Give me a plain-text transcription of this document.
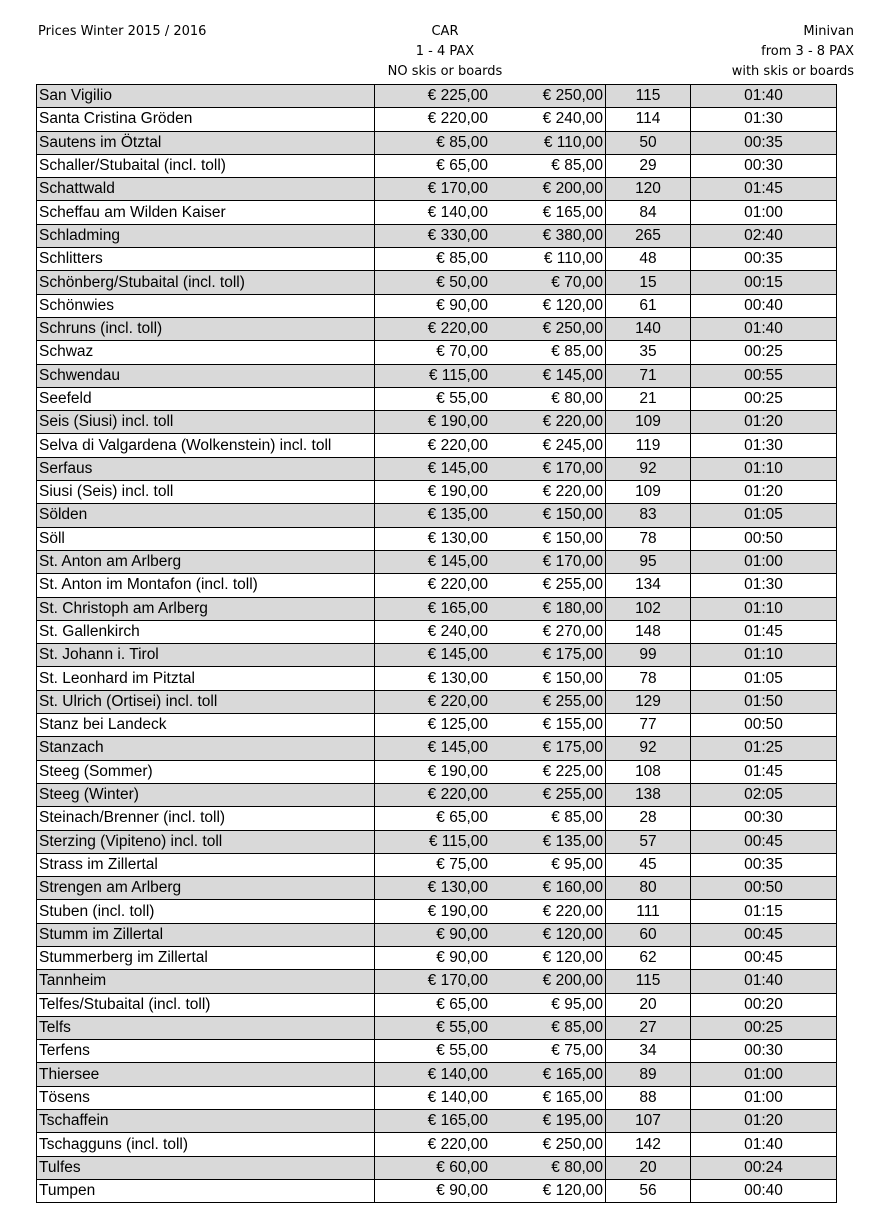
Prices Winter 2015 / 2016	CAR
1 - 4 PAX
NO skis or boards
Minivan
from 3 - 8 PAX
with skis or boards
San Vigilio	€ 225,00	€ 250,00	115	01:40
Santa Cristina Gröden	€ 220,00	€ 240,00	114	01:30
Sautens im Ötztal	€ 85,00	€ 110,00	50	00:35
Schaller/Stubaital (incl. toll)	€ 65,00	€ 85,00	29	00:30
Schattwald	€ 170,00	€ 200,00	120	01:45
Scheffau am Wilden Kaiser	€ 140,00	€ 165,00	84	01:00
Schladming	€ 330,00	€ 380,00	265	02:40
Schlitters	€ 85,00	€ 110,00	48	00:35
Schönberg/Stubaital (incl. toll)	€ 50,00	€ 70,00	15	00:15
Schönwies	€ 90,00	€ 120,00	61	00:40
Schruns (incl. toll)	€ 220,00	€ 250,00	140	01:40
Schwaz	€ 70,00	€ 85,00	35	00:25
Schwendau	€ 115,00	€ 145,00	71	00:55
Seefeld	€ 55,00	€ 80,00	21	00:25
Seis (Siusi) incl. toll	€ 190,00	€ 220,00	109	01:20
Selva di Valgardena (Wolkenstein) incl. toll	€ 220,00	€ 245,00	119	01:30
Serfaus	€ 145,00	€ 170,00	92	01:10
Siusi (Seis) incl. toll	€ 190,00	€ 220,00	109	01:20
Sölden	€ 135,00	€ 150,00	83	01:05
Söll	€ 130,00	€ 150,00	78	00:50
St. Anton am Arlberg	€ 145,00	€ 170,00	95	01:00
St. Anton im Montafon (incl. toll)	€ 220,00	€ 255,00	134	01:30
St. Christoph am Arlberg	€ 165,00	€ 180,00	102	01:10
St. Gallenkirch	€ 240,00	€ 270,00	148	01:45
St. Johann i. Tirol	€ 145,00	€ 175,00	99	01:10
St. Leonhard im Pitztal	€ 130,00	€ 150,00	78	01:05
St. Ulrich (Ortisei) incl. toll	€ 220,00	€ 255,00	129	01:50
Stanz bei Landeck	€ 125,00	€ 155,00	77	00:50
Stanzach	€ 145,00	€ 175,00	92	01:25
Steeg (Sommer)	€ 190,00	€ 225,00	108	01:45
Steeg (Winter)	€ 220,00	€ 255,00	138	02:05
Steinach/Brenner (incl. toll)	€ 65,00	€ 85,00	28	00:30
Sterzing (Vipiteno) incl. toll	€ 115,00	€ 135,00	57	00:45
Strass im Zillertal	€ 75,00	€ 95,00	45	00:35
Strengen am Arlberg	€ 130,00	€ 160,00	80	00:50
Stuben (incl. toll)	€ 190,00	€ 220,00	111	01:15
Stumm im Zillertal	€ 90,00	€ 120,00	60	00:45
Stummerberg im Zillertal	€ 90,00	€ 120,00	62	00:45
Tannheim	€ 170,00	€ 200,00	115	01:40
Telfes/Stubaital (incl. toll)	€ 65,00	€ 95,00	20	00:20
Telfs	€ 55,00	€ 85,00	27	00:25
Terfens	€ 55,00	€ 75,00	34	00:30
Thiersee	€ 140,00	€ 165,00	89	01:00
Tösens	€ 140,00	€ 165,00	88	01:00
Tschaffein	€ 165,00	€ 195,00	107	01:20
Tschagguns (incl. toll)	€ 220,00	€ 250,00	142	01:40
Tulfes	€ 60,00	€ 80,00	20	00:24
Tumpen	€ 90,00	€ 120,00	56	00:40
